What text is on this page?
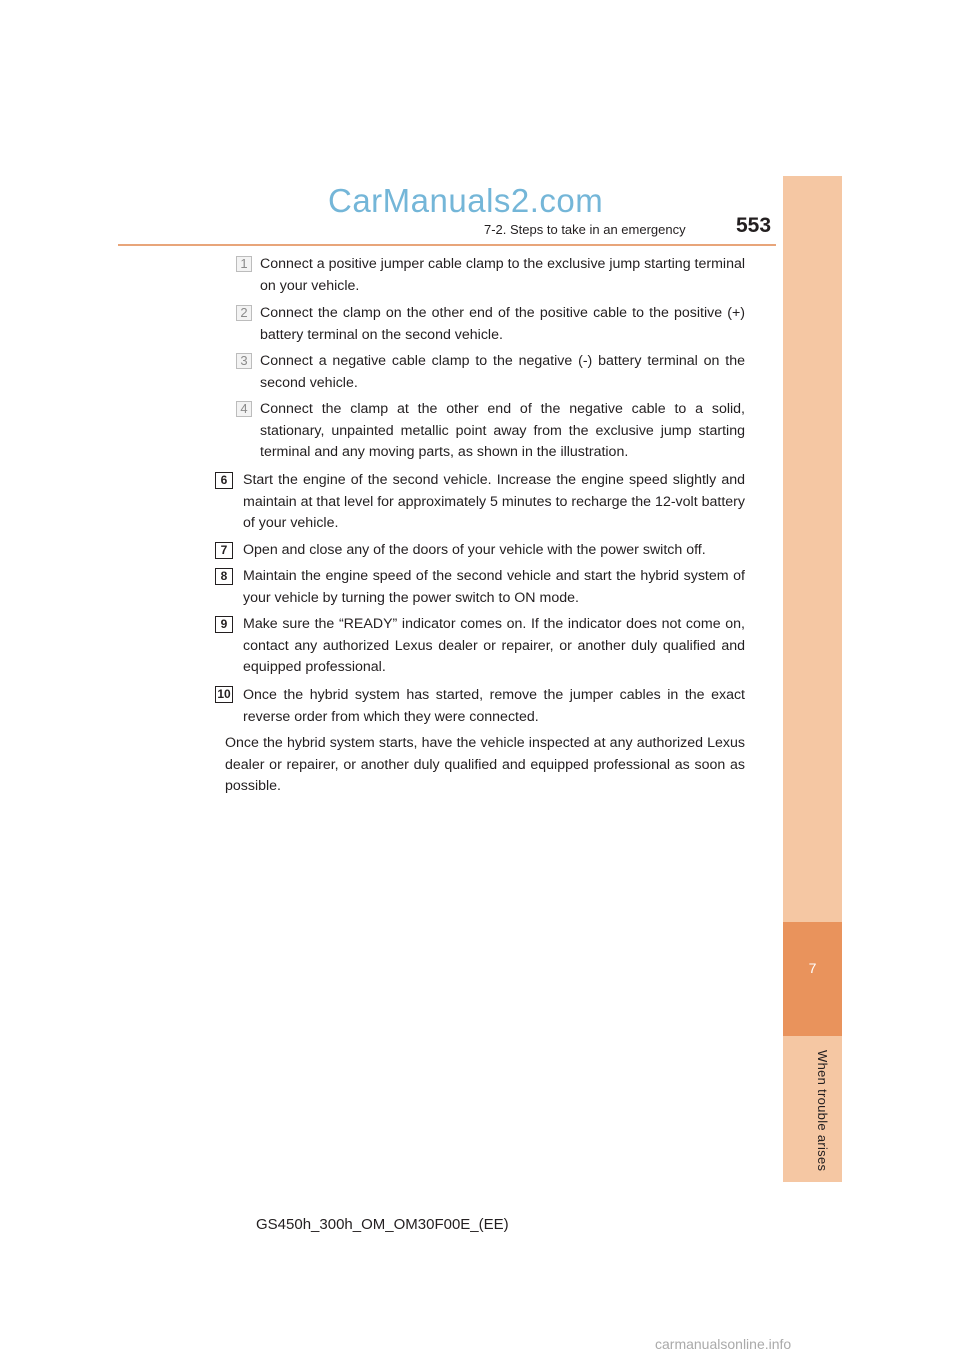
7
When trouble arises
CarManuals2.com
7-2. Steps to take in an emergency 553
1 Connect a positive jumper cable clamp to the exclusive jump starting terminal on your vehicle.
2 Connect the clamp on the other end of the positive cable to the positive (+) battery terminal on the second vehicle.
3 Connect a negative cable clamp to the negative (-) battery terminal on the second vehicle.
4 Connect the clamp at the other end of the negative cable to a solid, stationary, unpainted metallic point away from the exclusive jump starting terminal and any moving parts, as shown in the illustration.
6	Start the engine of the second vehicle. Increase the engine speed slightly and maintain at that level for approximately 5 minutes to recharge the 12-volt battery of your vehicle.
7	Open and close any of the doors of your vehicle with the power switch off.
8	Maintain the engine speed of the second vehicle and start the hybrid system of your vehicle by turning the power switch to ON mode.
9	Make sure the “READY” indicator comes on. If the indicator does not come on, contact any authorized Lexus dealer or repairer, or another duly qualified and equipped professional.
10 Once the hybrid system has started, remove the jumper cables in the exact reverse order from which they were connected.
Once the hybrid system starts, have the vehicle inspected at any authorized Lexus dealer or repairer, or another duly qualified and equipped professional as soon as possible.
GS450h_300h_OM_OM30F00E_(EE)
carmanualsonline.info
